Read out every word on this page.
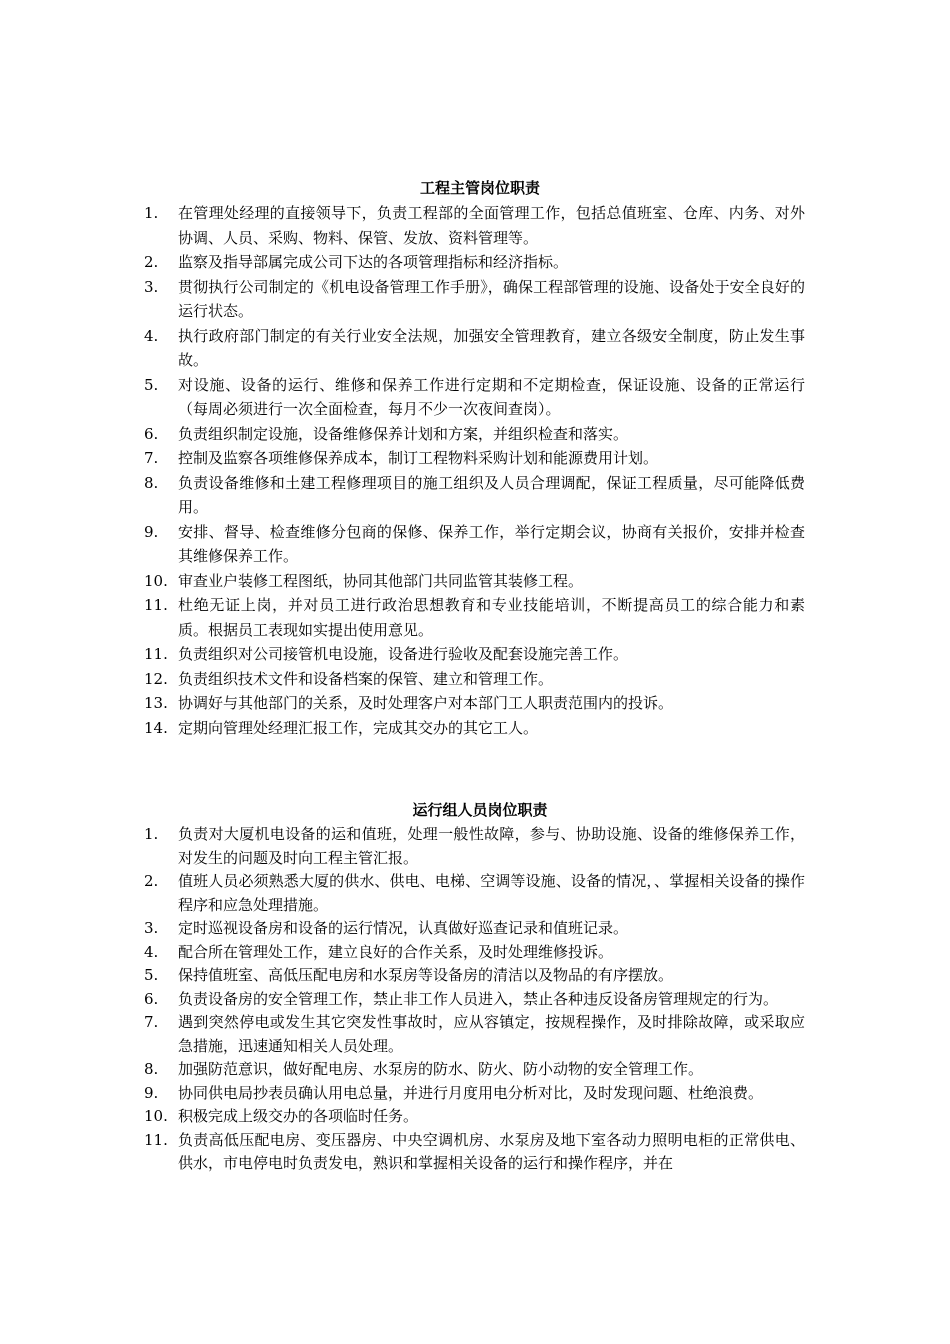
工程主管岗位职责
1. 在管理处经理的直接领导下，负责工程部的全面管理工作，包括总值班室、仓库、内务、对外协调、人员、采购、物料、保管、发放、资料管理等。
2. 监察及指导部属完成公司下达的各项管理指标和经济指标。
3. 贯彻执行公司制定的《机电设备管理工作手册》，确保工程部管理的设施、设备处于安全良好的运行状态。
4. 执行政府部门制定的有关行业安全法规，加强安全管理教育，建立各级安全制度，防止发生事故。
5. 对设施、设备的运行、维修和保养工作进行定期和不定期检查，保证设施、设备的正常运行（每周必须进行一次全面检查，每月不少一次夜间查岗）。
6. 负责组织制定设施，设备维修保养计划和方案，并组织检查和落实。
7. 控制及监察各项维修保养成本，制订工程物料采购计划和能源费用计划。
8. 负责设备维修和土建工程修理项目的施工组织及人员合理调配，保证工程质量，尽可能降低费用。
9. 安排、督导、检查维修分包商的保修、保养工作，举行定期会议，协商有关报价，安排并检查其维修保养工作。
10. 审查业户装修工程图纸，协同其他部门共同监管其装修工程。
11. 杜绝无证上岗，并对员工进行政治思想教育和专业技能培训，不断提高员工的综合能力和素质。根据员工表现如实提出使用意见。
11. 负责组织对公司接管机电设施，设备进行验收及配套设施完善工作。
12. 负责组织技术文件和设备档案的保管、建立和管理工作。
13. 协调好与其他部门的关系，及时处理客户对本部门工人职责范围内的投诉。
14. 定期向管理处经理汇报工作，完成其交办的其它工人。
运行组人员岗位职责
1. 负责对大厦机电设备的运和值班，处理一般性故障，参与、协助设施、设备的维修保养工作，对发生的问题及时向工程主管汇报。
2. 值班人员必须熟悉大厦的供水、供电、电梯、空调等设施、设备的情况，、掌握相关设备的操作程序和应急处理措施。
3. 定时巡视设备房和设备的运行情况，认真做好巡查记录和值班记录。
4. 配合所在管理处工作，建立良好的合作关系，及时处理维修投诉。
5. 保持值班室、高低压配电房和水泵房等设备房的清洁以及物品的有序摆放。
6. 负责设备房的安全管理工作，禁止非工作人员进入，禁止各种违反设备房管理规定的行为。
7. 遇到突然停电或发生其它突发性事故时，应从容镇定，按规程操作，及时排除故障，或采取应急措施，迅速通知相关人员处理。
8. 加强防范意识，做好配电房、水泵房的防水、防火、防小动物的安全管理工作。
9. 协同供电局抄表员确认用电总量，并进行月度用电分析对比，及时发现问题、杜绝浪费。
10. 积极完成上级交办的各项临时任务。
11. 负责高低压配电房、变压器房、中央空调机房、水泵房及地下室各动力照明电柜的正常供电、供水，市电停电时负责发电，熟识和掌握相关设备的运行和操作程序，并在
